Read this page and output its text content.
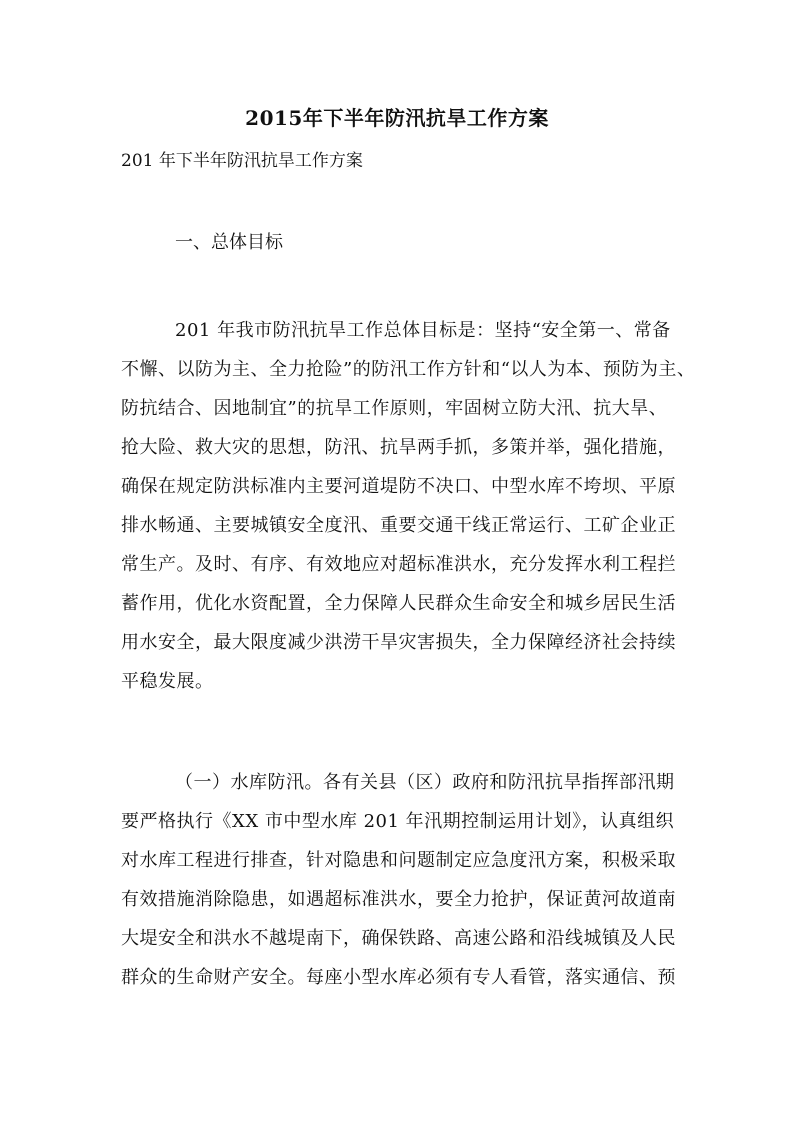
2015年下半年防汛抗旱工作方案
201 年下半年防汛抗旱工作方案
一、总体目标
201 年我市防汛抗旱工作总体目标是：坚持“安全第一、常备
不懈、以防为主、全力抢险”的防汛工作方针和“以人为本、预防为主、
防抗结合、因地制宜”的抗旱工作原则，牢固树立防大汛、抗大旱、
抢大险、救大灾的思想，防汛、抗旱两手抓，多策并举，强化措施，
确保在规定防洪标准内主要河道堤防不决口、中型水库不垮坝、平原
排水畅通、主要城镇安全度汛、重要交通干线正常运行、工矿企业正
常生产。及时、有序、有效地应对超标准洪水，充分发挥水利工程拦
蓄作用，优化水资配置，全力保障人民群众生命安全和城乡居民生活
用水安全，最大限度减少洪涝干旱灾害损失，全力保障经济社会持续
平稳发展。
（一）水库防汛。各有关县（区）政府和防汛抗旱指挥部汛期
要严格执行《XX 市中型水库 201 年汛期控制运用计划》，认真组织
对水库工程进行排查，针对隐患和问题制定应急度汛方案，积极采取
有效措施消除隐患，如遇超标准洪水，要全力抢护，保证黄河故道南
大堤安全和洪水不越堤南下，确保铁路、高速公路和沿线城镇及人民
群众的生命财产安全。每座小型水库必须有专人看管，落实通信、预
